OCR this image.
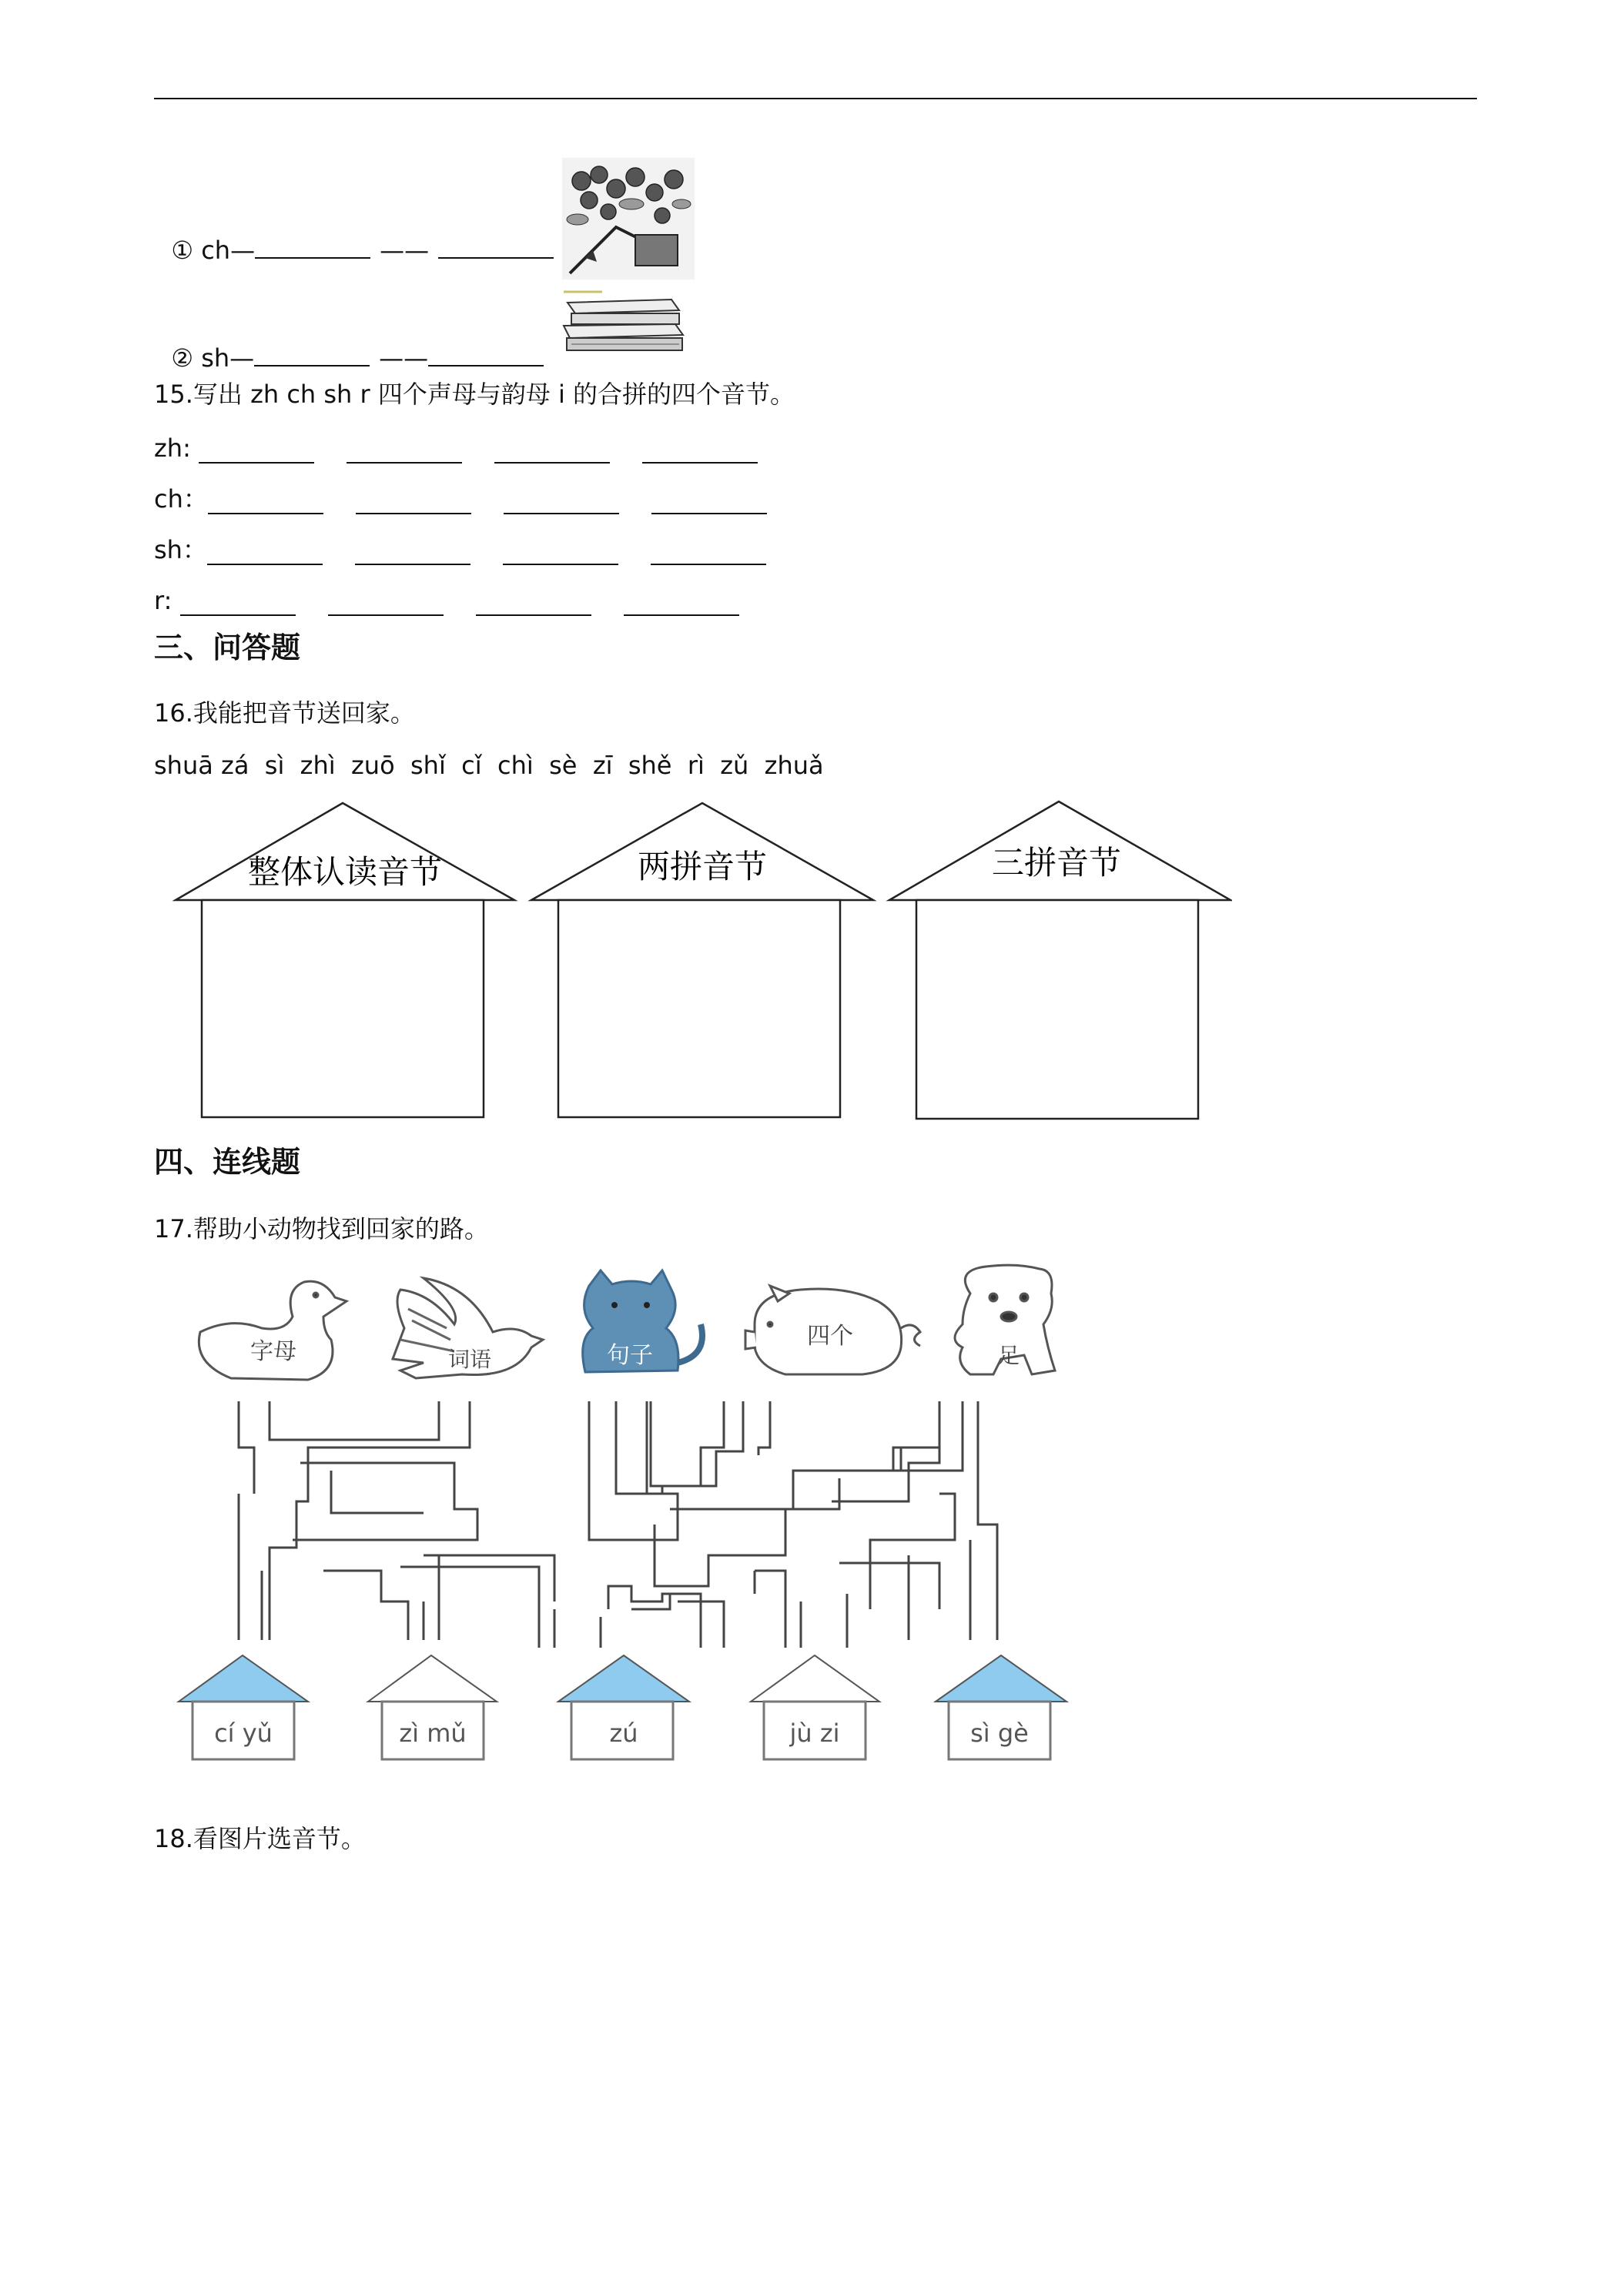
① ch—	——

② sh—	——

15.写出 zh ch sh r 四个声母与韵母 i 的合拼的四个音节。
zh:
ch：
sh：
r:
三、问答题
16.我能把音节送回家。
shuā zá  sì  zhì  zuō  shǐ  cǐ  chì  sè  zī  shě  rì  zǔ  zhuǎ
整体认读音节	两拼音节	三拼音节
四、连线题
17.帮助小动物找到回家的路。
字母	词语	句子
四个
足
cí yǔ	zì mǔ	zú	jù zi	sì gè
18.看图片选音节。
